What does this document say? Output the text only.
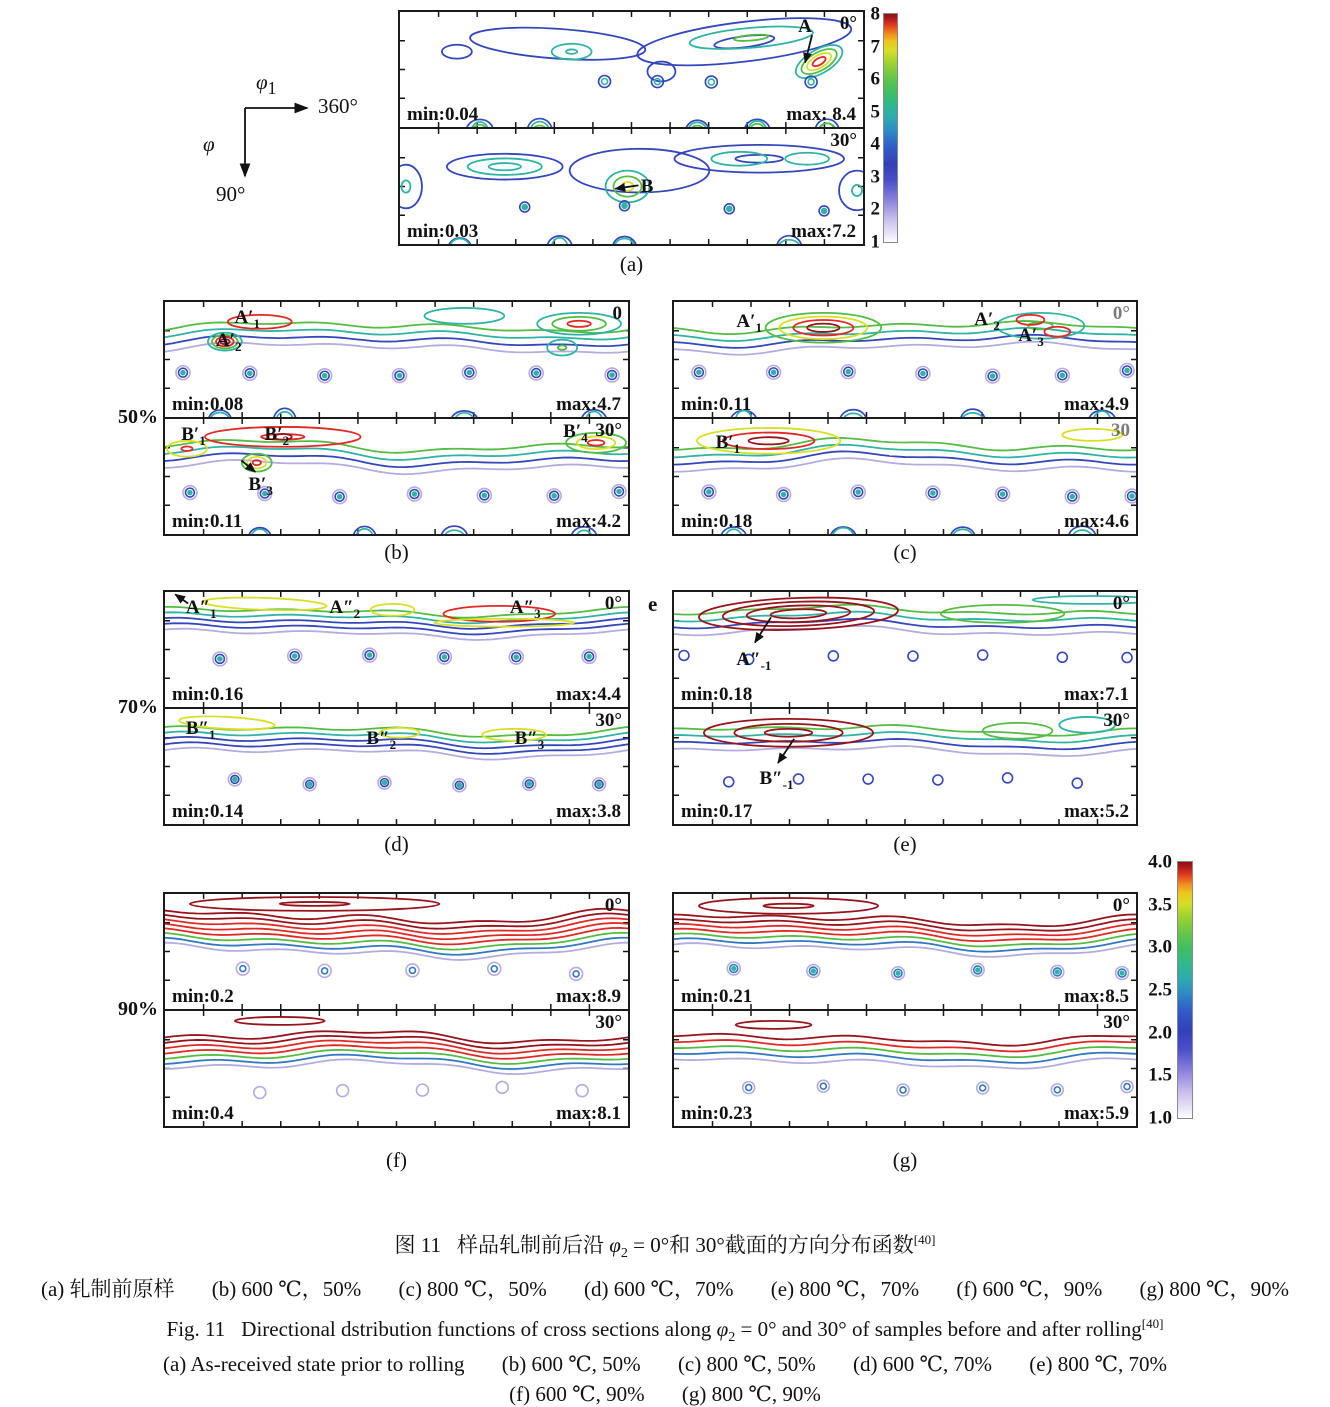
$\varphi_1$
360°
φ
90°
0°
min:0.04	max: 8.4
A
30°
min:0.03	max:7.2
B
(a)
8
7
6
5
4
3
2
1
50%
0
min:0.08	max:4.7
$A'_1$
$A'_2$
30°
min:0.11	max:4.2
$B'_1$	$B'_2$	$B'_4$
$B'_3$
(b)
0°
min:0.11	max:4.9
$A'_1$	$A'_2$ $A'_3$
30
min:0.18	max:4.6
$B'_1$
(c)
70%
0°
min:0.16	max:4.4
$A''_1$	$A''_2$	$A''_3$
30°
min:0.14	max:3.8
$B''_1$	$B''_2$	$B''_3$
(d)
e	0°
min:0.18	max:7.1
$A''_{-1}$
30°
min:0.17	max:5.2
$B''_{-1}$
(e)
90%
0°
min:0.2	max:8.9
30°
min:0.4	max:8.1
(f)
0°
min:0.21	max:8.5
30°
min:0.23	max:5.9
(g)
4.0
3.5
3.0
2.5
2.0
1.5
1.0
图 11 样品轧制前后沿 $\varphi_2 = 0^\circ$和 30°截面的方向分布函数[40]
(a) 轧制前原样 (b) 600 ℃，50% (c) 800 ℃，50% (d) 600 ℃，70% (e) 800 ℃，70% (f) 600 ℃，90% (g) 800 ℃，90%
Fig. 11 Directional dstribution functions of cross sections along $\varphi_2 = 0^\circ$ and 30° of samples before and after rolling[40]
(a) As-received state prior to rolling (b) 600 ℃, 50% (c) 800 ℃, 50% (d) 600 ℃, 70% (e) 800 ℃, 70%
(f) 600 ℃, 90% (g) 800 ℃, 90%
